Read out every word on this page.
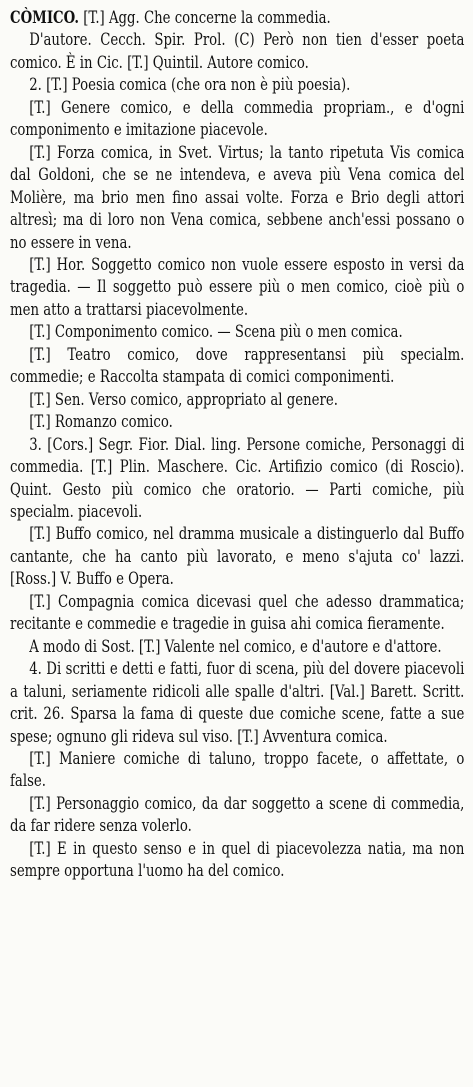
CÒMICO. [T.] Agg. Che concerne la commedia.

D'autore. Cecch. Spir. Prol. (C) Però non tien d'esser poeta comico. È in Cic. [T.] Quintil. Autore comico.

2. [T.] Poesia comica (che ora non è più poesia).

[T.] Genere comico, e della commedia propriam., e d'ogni componimento e imitazione piacevole.

[T.] Forza comica, in Svet. Virtus; la tanto ripetuta Vis comica dal Goldoni, che se ne intendeva, e aveva più Vena comica del Molière, ma brio men fino assai volte. Forza e Brio degli attori altresì; ma di loro non Vena comica, sebbene anch'essi possano o no essere in vena.

[T.] Hor. Soggetto comico non vuole essere esposto in versi da tragedia. — Il soggetto può essere più o men comico, cioè più o men atto a trattarsi piacevolmente.

[T.] Componimento comico. — Scena più o men comica.

[T.] Teatro comico, dove rappresentansi più specialm. commedie; e Raccolta stampata di comici componimenti.

[T.] Sen. Verso comico, appropriato al genere.

[T.] Romanzo comico.

3. [Cors.] Segr. Fior. Dial. ling. Persone comiche, Personaggi di commedia. [T.] Plin. Maschere. Cic. Artifizio comico (di Roscio). Quint. Gesto più comico che oratorio. — Parti comiche, più specialm. piacevoli.

[T.] Buffo comico, nel dramma musicale a distinguerlo dal Buffo cantante, che ha canto più lavorato, e meno s'ajuta co' lazzi. [Ross.] V. Buffo e Opera.

[T.] Compagnia comica dicevasi quel che adesso drammatica; recitante e commedie e tragedie in guisa ahi comica fieramente.

A modo di Sost. [T.] Valente nel comico, e d'autore e d'attore.

4. Di scritti e detti e fatti, fuor di scena, più del dovere piacevoli a taluni, seriamente ridicoli alle spalle d'altri. [Val.] Barett. Scritt. crit. 26. Sparsa la fama di queste due comiche scene, fatte a sue spese; ognuno gli rideva sul viso. [T.] Avventura comica.

[T.] Maniere comiche di taluno, troppo facete, o affettate, o false.

[T.] Personaggio comico, da dar soggetto a scene di commedia, da far ridere senza volerlo.

[T.] E in questo senso e in quel di piacevolezza natia, ma non sempre opportuna l'uomo ha del comico.
